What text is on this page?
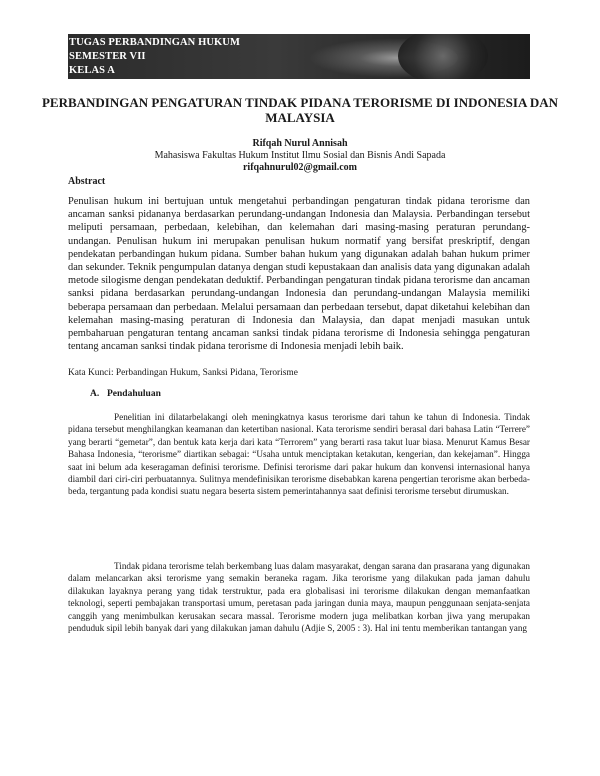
TUGAS PERBANDINGAN HUKUM
SEMESTER VII
KELAS A
PERBANDINGAN PENGATURAN TINDAK PIDANA TERORISME DI INDONESIA DAN MALAYSIA
Rifqah Nurul Annisah
Mahasiswa Fakultas Hukum Institut Ilmu Sosial dan Bisnis Andi Sapada
rifqahnurul02@gmail.com
Abstract
Penulisan hukum ini bertujuan untuk mengetahui perbandingan pengaturan tindak pidana terorisme dan ancaman sanksi pidananya berdasarkan perundang-undangan Indonesia dan Malaysia. Perbandingan tersebut meliputi persamaan, perbedaan, kelebihan, dan kelemahan dari masing-masing peraturan perundang-undangan. Penulisan hukum ini merupakan penulisan hukum normatif yang bersifat preskriptif, dengan pendekatan perbandingan hukum pidana. Sumber bahan hukum yang digunakan adalah bahan hukum primer dan sekunder. Teknik pengumpulan datanya dengan studi kepustakaan dan analisis data yang digunakan adalah metode silogisme dengan pendekatan deduktif. Perbandingan pengaturan tindak pidana terorisme dan ancaman sanksi pidana berdasarkan perundang-undangan Indonesia dan perundang-undangan Malaysia memiliki beberapa persamaan dan perbedaan. Melalui persamaan dan perbedaan tersebut, dapat diketahui kelebihan dan kelemahan masing-masing peraturan di Indonesia dan Malaysia, dan dapat menjadi masukan untuk pembaharuan pengaturan tentang ancaman sanksi tindak pidana terorisme di Indonesia sehingga pengaturan tentang ancaman sanksi tindak pidana terorisme di Indonesia menjadi lebih baik.
Kata Kunci: Perbandingan Hukum, Sanksi Pidana, Terorisme
A. Pendahuluan
Penelitian ini dilatarbelakangi oleh meningkatnya kasus terorisme dari tahun ke tahun di Indonesia. Tindak pidana tersebut menghilangkan keamanan dan ketertiban nasional. Kata terorisme sendiri berasal dari bahasa Latin “Terrere” yang berarti “gemetar”, dan bentuk kata kerja dari kata “Terrorem” yang berarti rasa takut luar biasa. Menurut Kamus Besar Bahasa Indonesia, “terorisme” diartikan sebagai: “Usaha untuk menciptakan ketakutan, kengerian, dan kekejaman”. Hingga saat ini belum ada keseragaman definisi terorisme. Definisi terorisme dari pakar hukum dan konvensi internasional hanya diambil dari ciri-ciri perbuatannya. Sulitnya mendefinisikan terorisme disebabkan karena pengertian terorisme akan berbeda-beda, tergantung pada kondisi suatu negara beserta sistem pemerintahannya saat definisi terorisme tersebut dirumuskan.
Tindak pidana terorisme telah berkembang luas dalam masyarakat, dengan sarana dan prasarana yang digunakan dalam melancarkan aksi terorisme yang semakin beraneka ragam. Jika terorisme yang dilakukan pada jaman dahulu dilakukan layaknya perang yang tidak terstruktur, pada era globalisasi ini terorisme dilakukan dengan memanfaatkan teknologi, seperti pembajakan transportasi umum, peretasan pada jaringan dunia maya, maupun penggunaan senjata-senjata canggih yang menimbulkan kerusakan secara massal. Terorisme modern juga melibatkan korban jiwa yang merupakan penduduk sipil lebih banyak dari yang dilakukan jaman dahulu (Adjie S, 2005 : 3). Hal ini tentu memberikan tantangan yang
